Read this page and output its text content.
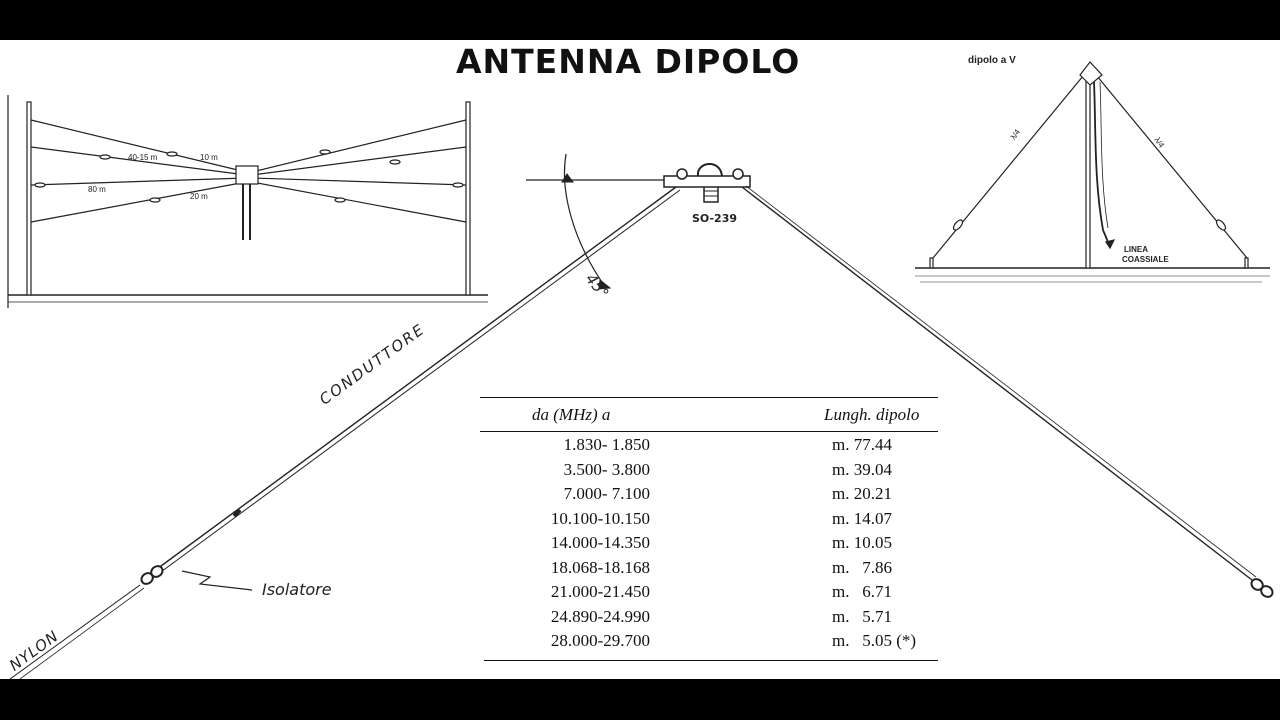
ANTENNA DIPOLO
10 m
40-15 m
80 m
20 m
dipolo a V
λ/4
λ/4
LINEA
COASSIALE
SO-239
45°
CONDUTTORE
Isolatore
NYLON
da (MHz) a	Lungh. dipolo
1.830- 1.850	m. 77.44
3.500- 3.800	m. 39.04
7.000- 7.100	m. 20.21
10.100-10.150	m. 14.07
14.000-14.350	m. 10.05
18.068-18.168	m.   7.86
21.000-21.450	m.   6.71
24.890-24.990	m.   5.71
28.000-29.700	m.   5.05 (*)
